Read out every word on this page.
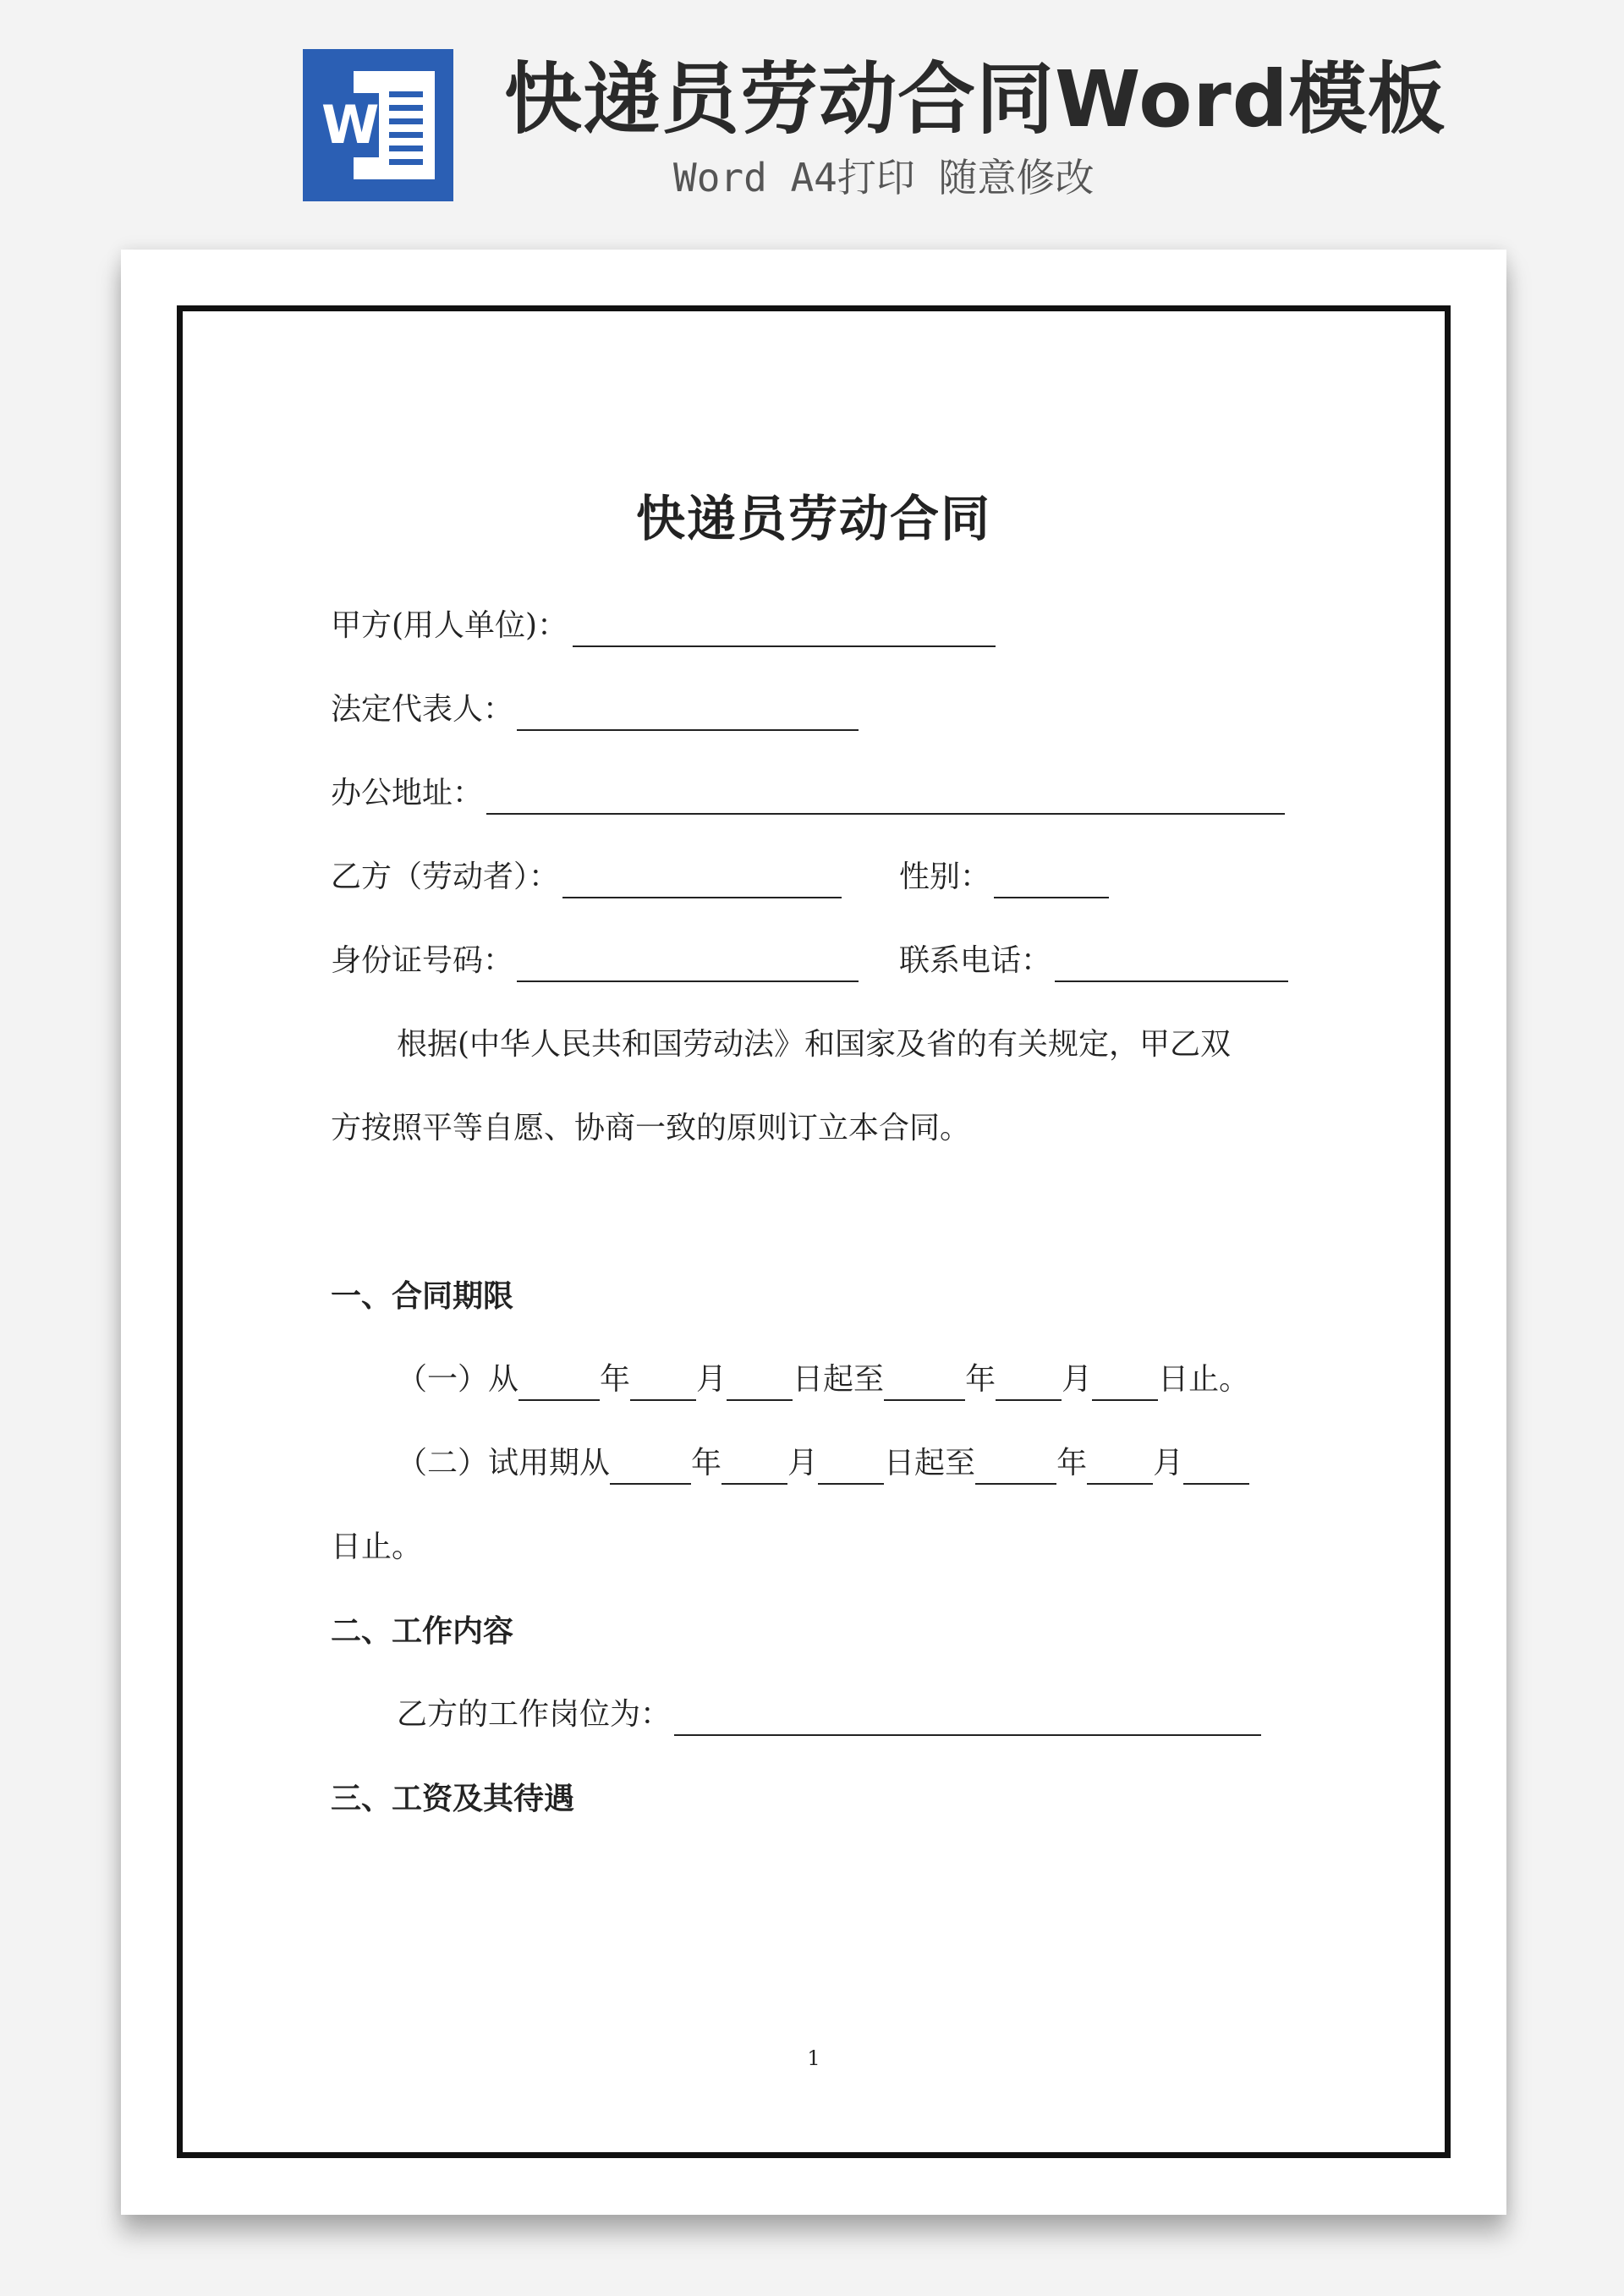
W 快递员劳动合同Word模板
Word A4打印 随意修改
快递员劳动合同
甲方(用人单位)：
法定代表人：
办公地址：
乙方（劳动者）：	性别：
身份证号码：	联系电话：
根据(中华人民共和国劳动法》和国家及省的有关规定，甲乙双
方按照平等自愿、协商一致的原则订立本合同。
一、合同期限
（一）从	年 月 日起至	年 月 日止。
（二）试用期从	年 月 日起至	年 月
日止。
二、工作内容
乙方的工作岗位为：
三、工资及其待遇
1
